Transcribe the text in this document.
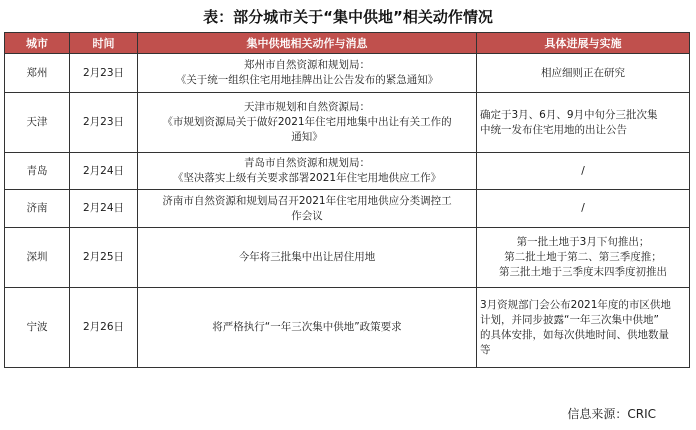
表：部分城市关于“集中供地”相关动作情况
城市	时间	集中供地相关动作与消息	具体进展与实施
郑州	2月23日	郑州市自然资源和规划局：
《关于统一组织住宅用地挂牌出让公告发布的紧急通知》	相应细则正在研究

天津	2月23日	天津市规划和自然资源局：
《市规划资源局关于做好2021年住宅用地集中出让有关工作的
通知》	确定于3月、6月、9月中旬分三批次集
中统一发布住宅用地的出让公告

青岛	2月24日	青岛市自然资源和规划局：
《坚决落实上级有关要求部署2021年住宅用地供应工作》	/

济南	2月24日	济南市自然资源和规划局召开2021年住宅用地供应分类调控工
作会议	/

深圳	2月25日	今年将三批集中出让居住用地	第一批土地于3月下旬推出；
第二批土地于第二、第三季度推；
第三批土地于三季度末四季度初推出

宁波	2月26日	将严格执行“一年三次集中供地”政策要求	3月资规部门会公布2021年度的市区供地
计划，并同步披露“一年三次集中供地”
的具体安排，如每次供地时间、供地数量
等
信息来源：CRIC
